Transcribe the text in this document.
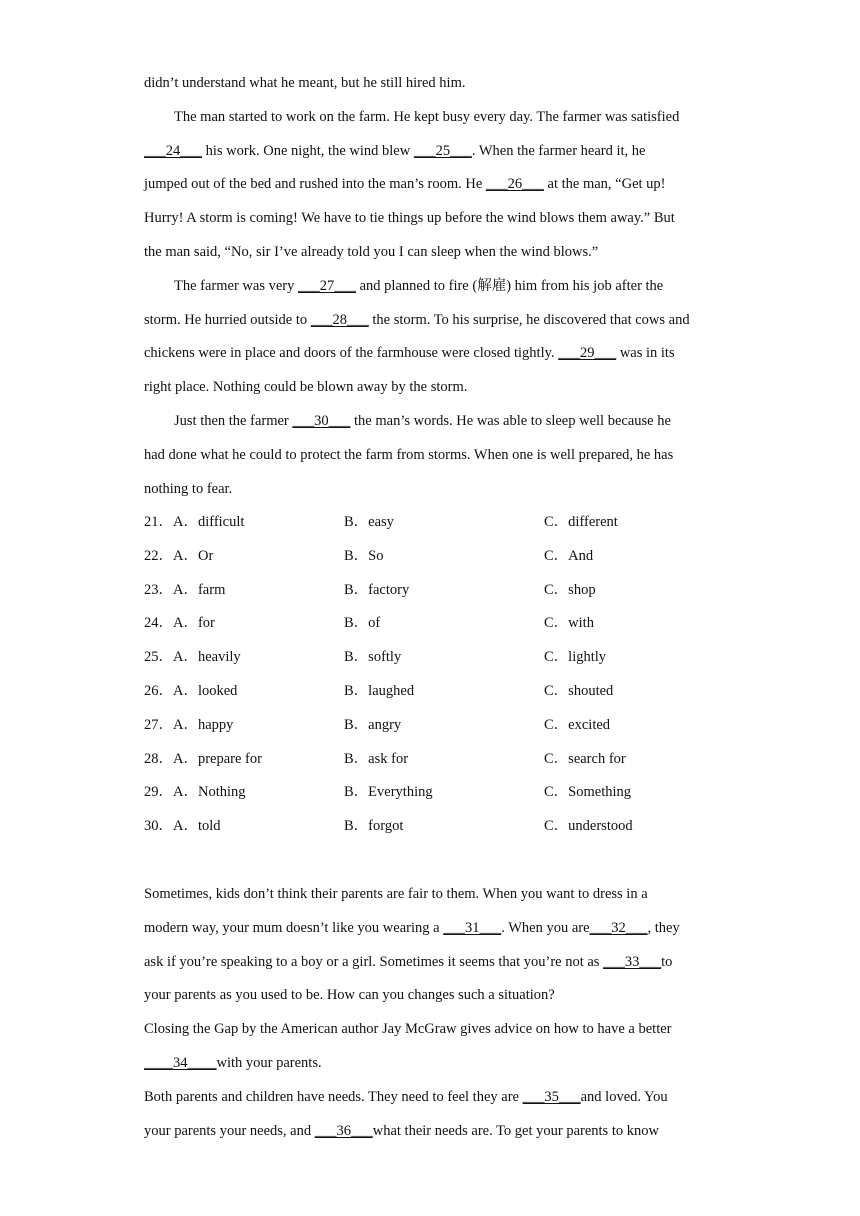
didn’t understand what he meant, but he still hired him.
The man started to work on the farm. He kept busy every day. The farmer was satisfied
___24___ his work. One night, the wind blew ___25___. When the farmer heard it, he
jumped out of the bed and rushed into the man’s room. He ___26___ at the man, “Get up!
Hurry! A storm is coming! We have to tie things up before the wind blows them away.” But
the man said, “No, sir I’ve already told you I can sleep when the wind blows.”
The farmer was very ___27___ and planned to fire (解雇) him from his job after the
storm. He hurried outside to ___28___ the storm. To his surprise, he discovered that cows and
chickens were in place and doors of the farmhouse were closed tightly. ___29___ was in its
right place. Nothing could be blown away by the storm.
Just then the farmer ___30___ the man’s words. He was able to sleep well because he
had done what he could to protect the farm from storms. When one is well prepared, he has
nothing to fear.
21．A．difficult	B．easy	C．different
22．A．Or	B．So	C．And
23．A．farm	B．factory	C．shop
24．A．for	B．of	C．with
25．A．heavily	B．softly	C．lightly
26．A．looked	B．laughed	C．shouted
27．A．happy	B．angry	C．excited
28．A．prepare for	B．ask for	C．search for
29．A．Nothing	B．Everything	C．Something
30．A．told	B．forgot	C．understood
Sometimes, kids don’t think their parents are fair to them. When you want to dress in a
modern way, your mum doesn’t like you wearing a ___31___. When you are___32___, they
ask if you’re speaking to a boy or a girl. Sometimes it seems that you’re not as ___33___to
your parents as you used to be. How can you changes such a situation?
Closing the Gap by the American author Jay McGraw gives advice on how to have a better
____34____with your parents.
Both parents and children have needs. They need to feel they are ___35___and loved. You
your parents your needs, and ___36___what their needs are. To get your parents to know
